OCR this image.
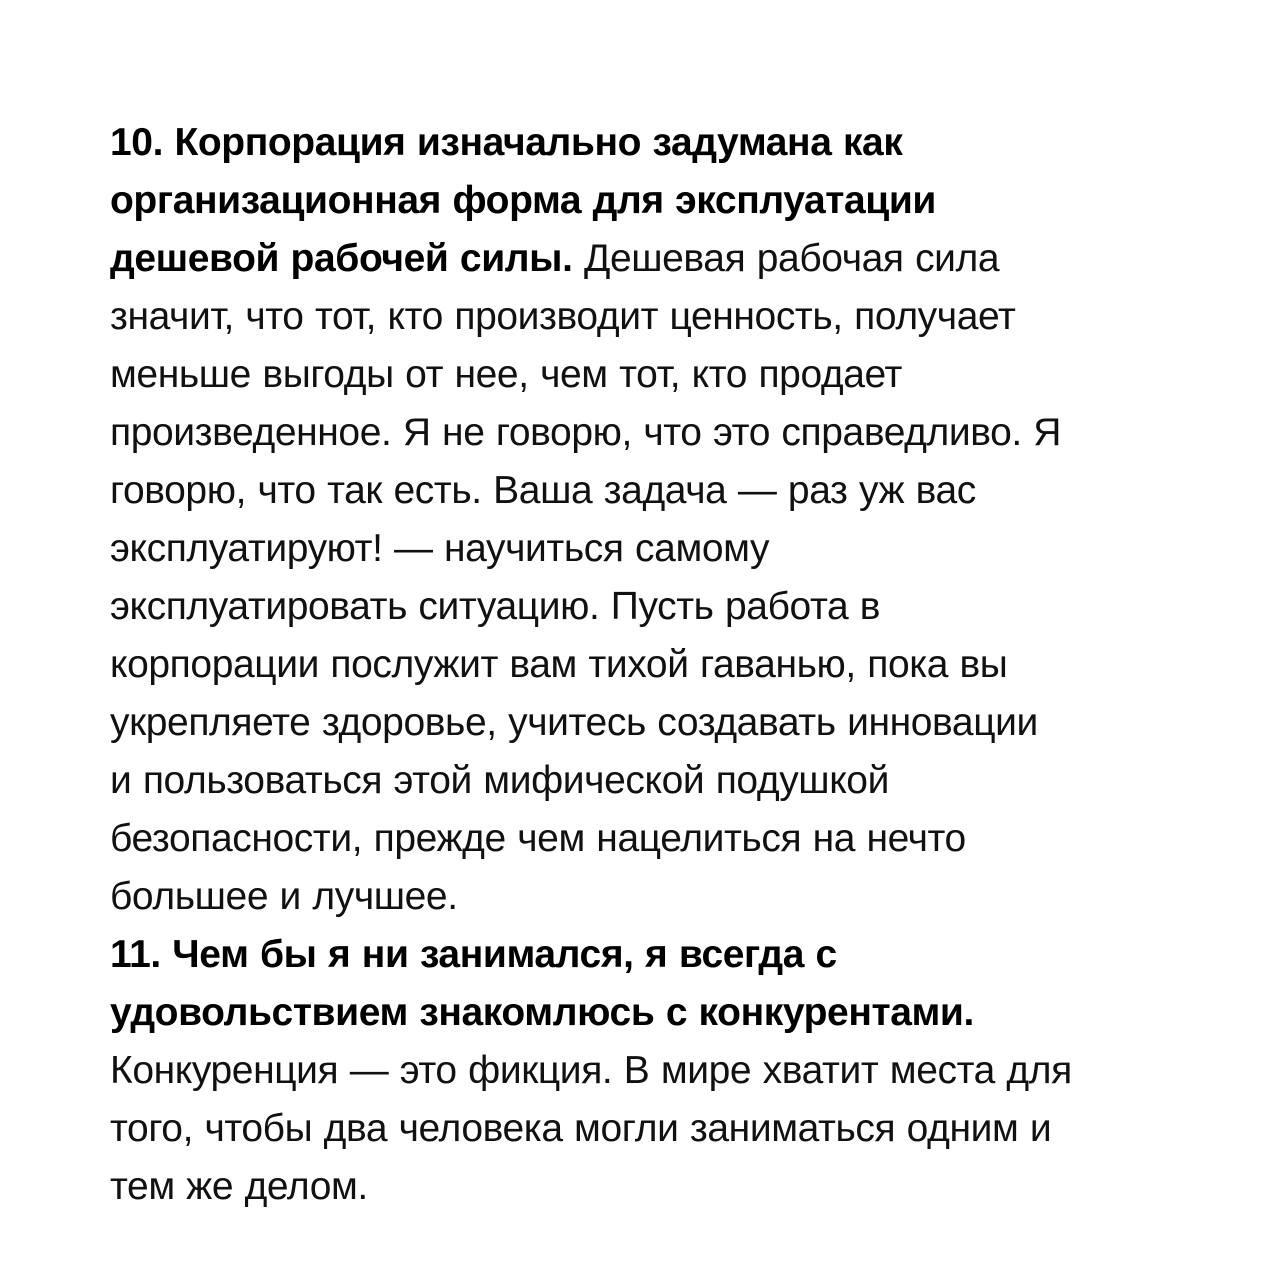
10. Корпорация изначально задумана как
организационная форма для эксплуатации
дешевой рабочей силы. Дешевая рабочая сила
значит, что тот, кто производит ценность, получает
меньше выгоды от нее, чем тот, кто продает
произведенное. Я не говорю, что это справедливо. Я
говорю, что так есть. Ваша задача — раз уж вас
эксплуатируют! — научиться самому
эксплуатировать ситуацию. Пусть работа в
корпорации послужит вам тихой гаванью, пока вы
укрепляете здоровье, учитесь создавать инновации
и пользоваться этой мифической подушкой
безопасности, прежде чем нацелиться на нечто
большее и лучшее.
11. Чем бы я ни занимался, я всегда с
удовольствием знакомлюсь с конкурентами.
Конкуренция — это фикция. В мире хватит места для
того, чтобы два человека могли заниматься одним и
тем же делом.
